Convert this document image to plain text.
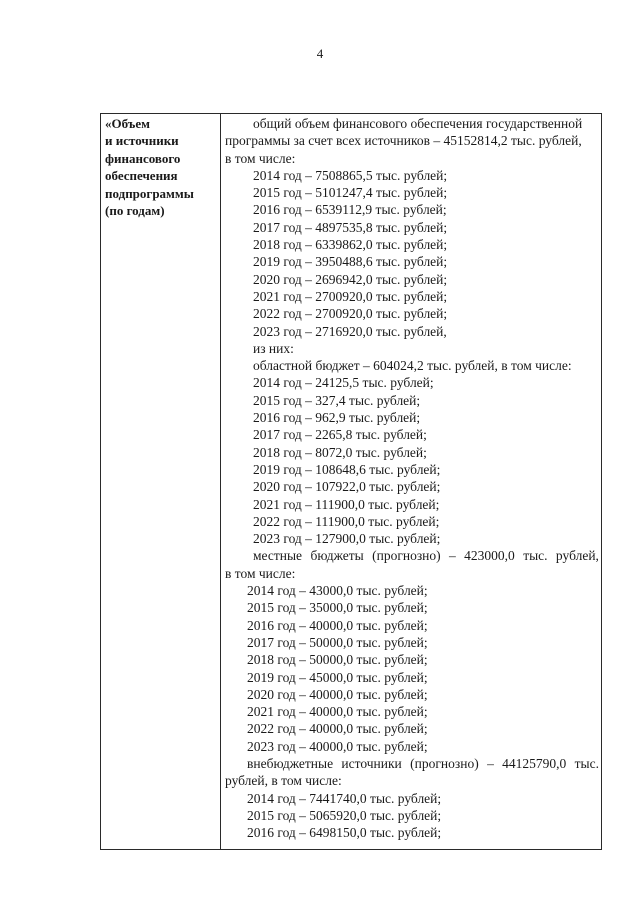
4
«Объем
и источники
финансового
обеспечения
подпрограммы
(по годам)
общий объем финансового обеспечения государственной
программы за счет всех источников – 45152814,2 тыс. рублей,
в том числе:
2014 год – 7508865,5 тыс. рублей;
2015 год – 5101247,4 тыс. рублей;
2016 год – 6539112,9 тыс. рублей;
2017 год – 4897535,8 тыс. рублей;
2018 год – 6339862,0 тыс. рублей;
2019 год – 3950488,6 тыс. рублей;
2020 год – 2696942,0 тыс. рублей;
2021 год – 2700920,0 тыс. рублей;
2022 год – 2700920,0 тыс. рублей;
2023 год – 2716920,0 тыс. рублей,
из них:
областной бюджет – 604024,2 тыс. рублей, в том числе:
2014 год – 24125,5 тыс. рублей;
2015 год – 327,4 тыс. рублей;
2016 год – 962,9 тыс. рублей;
2017 год – 2265,8 тыс. рублей;
2018 год – 8072,0 тыс. рублей;
2019 год – 108648,6 тыс. рублей;
2020 год – 107922,0 тыс. рублей;
2021 год – 111900,0 тыс. рублей;
2022 год – 111900,0 тыс. рублей;
2023 год – 127900,0 тыс. рублей;
местные бюджеты (прогнозно) – 423000,0 тыс. рублей,
в том числе:
2014 год – 43000,0 тыс. рублей;
2015 год – 35000,0 тыс. рублей;
2016 год – 40000,0 тыс. рублей;
2017 год – 50000,0 тыс. рублей;
2018 год – 50000,0 тыс. рублей;
2019 год – 45000,0 тыс. рублей;
2020 год – 40000,0 тыс. рублей;
2021 год – 40000,0 тыс. рублей;
2022 год – 40000,0 тыс. рублей;
2023 год – 40000,0 тыс. рублей;
внебюджетные источники (прогнозно) – 44125790,0 тыс.
рублей, в том числе:
2014 год – 7441740,0 тыс. рублей;
2015 год – 5065920,0 тыс. рублей;
2016 год – 6498150,0 тыс. рублей;
